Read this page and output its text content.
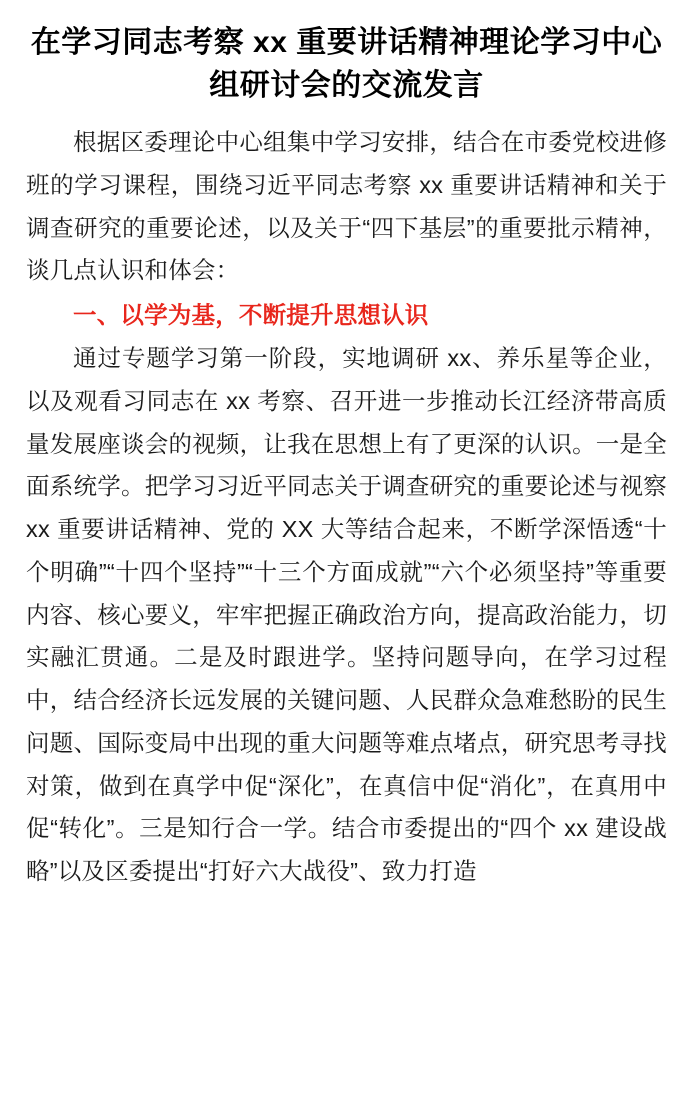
在学习同志考察 xx 重要讲话精神理论学习中心组研讨会的交流发言

根据区委理论中心组集中学习安排，结合在市委党校进修班的学习课程，围绕习近平同志考察 xx 重要讲话精神和关于调查研究的重要论述，以及关于“四下基层”的重要批示精神，谈几点认识和体会：

一、以学为基，不断提升思想认识

通过专题学习第一阶段，实地调研 xx、养乐星等企业，以及观看习同志在 xx 考察、召开进一步推动长江经济带高质量发展座谈会的视频，让我在思想上有了更深的认识。一是全面系统学。把学习习近平同志关于调查研究的重要论述与视察 xx 重要讲话精神、党的 XX 大等结合起来，不断学深悟透“十个明确”“十四个坚持”“十三个方面成就”“六个必须坚持”等重要内容、核心要义，牢牢把握正确政治方向，提高政治能力，切实融汇贯通。二是及时跟进学。坚持问题导向，在学习过程中，结合经济长远发展的关键问题、人民群众急难愁盼的民生问题、国际变局中出现的重大问题等难点堵点，研究思考寻找对策，做到在真学中促“深化”，在真信中促“消化”，在真用中促“转化”。三是知行合一学。结合市委提出的“四个 xx 建设战略”以及区委提出“打好六大战役”、致力打造
